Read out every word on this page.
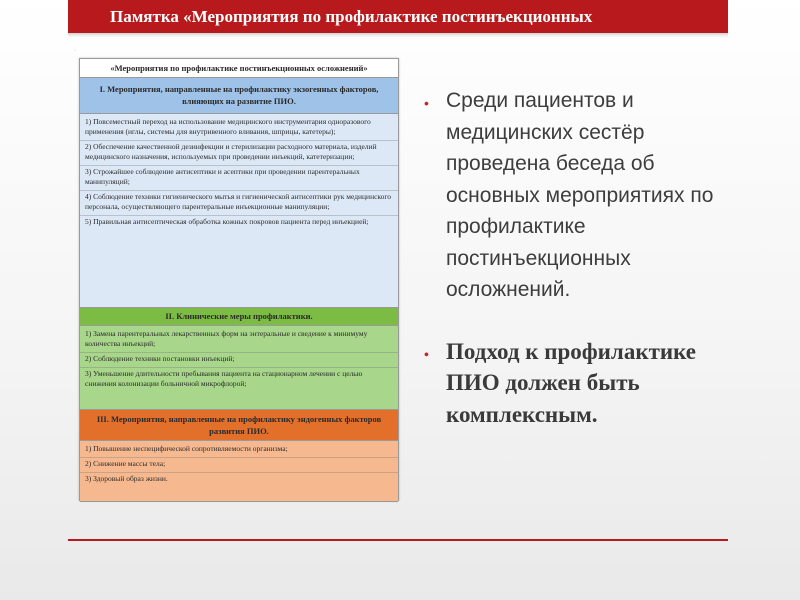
Памятка «Мероприятия по профилактике постинъекционных
·
«Мероприятия по профилактике постинъекционных осложнений»
I. Мероприятия, направленные на профилактику экзогенных факторов, влияющих на развитие ПИО.
1) Повсеместный переход на использование медицинского инструментария одноразового применения (иглы, системы для внутривенного вливания, шприцы, катетеры);
2) Обеспечение качественной дезинфекции и стерилизации расходного материала, изделий медицинского назначения, используемых при проведении инъекций, катетеризации;
3) Строжайшее соблюдение антисептики и асептики при проведении парентеральных манипуляций;
4) Соблюдение техники гигиенического мытья и гигиенической антисептики рук медицинского персонала, осуществляющего парентеральные инъекционные манипуляции;
5) Правильная антисептическая обработка кожных покровов пациента перед инъекцией;
II. Клинические меры профилактики.
1) Замена парентеральных лекарственных форм на энтеральные и сведение к минимуму количества инъекций;
2) Соблюдение техники постановки инъекций;
3) Уменьшение длительности пребывания пациента на стационарном лечении с целью снижения колонизации больничной микрофлорой;
III. Мероприятия, направленные на профилактику эндогенных факторов развития ПИО.
1) Повышение неспецифической сопротивляемости организма;
2) Снижение массы тела;
3) Здоровый образ жизни.

• Среди пациентов и медицинских сестёр проведена беседа об основных мероприятиях по профилактике постинъекционных осложнений.

• Подход к профилактике ПИО должен быть комплексным.
